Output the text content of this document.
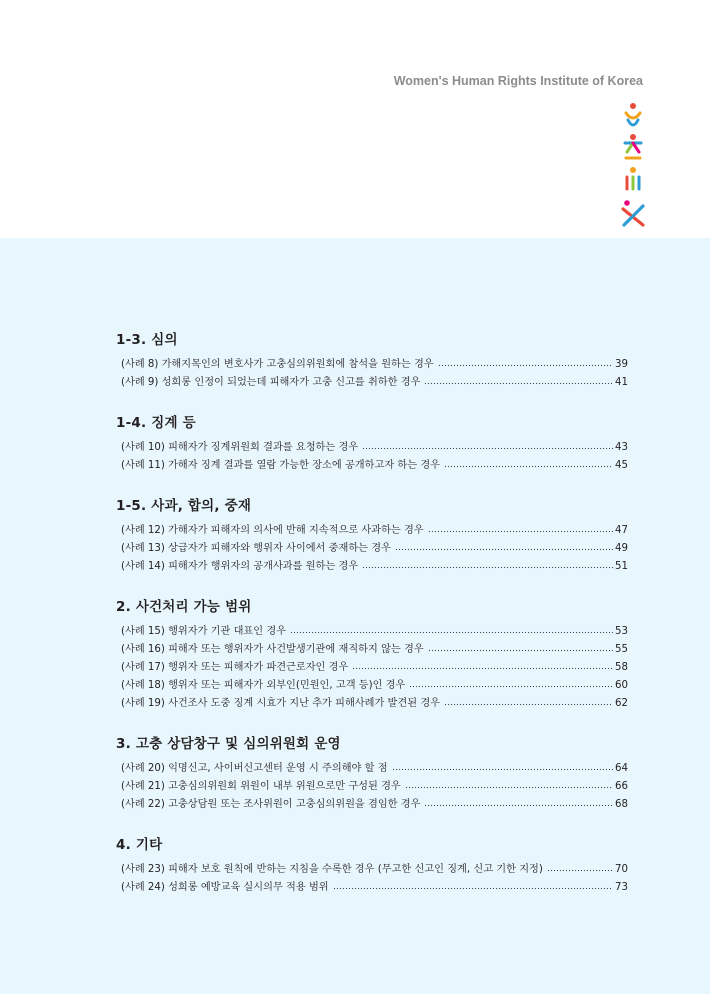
Women's Human Rights Institute of Korea
1-3. 심의
(사례 8) 가해지목인의 변호사가 고충심의위원회에 참석을 원하는 경우	39
(사례 9) 성희롱 인정이 되었는데 피해자가 고충 신고를 취하한 경우	41
1-4. 징계 등
(사례 10) 피해자가 징계위원회 결과를 요청하는 경우	43
(사례 11) 가해자 징계 결과를 열람 가능한 장소에 공개하고자 하는 경우	45
1-5. 사과, 합의, 중재
(사례 12) 가해자가 피해자의 의사에 반해 지속적으로 사과하는 경우	47
(사례 13) 상급자가 피해자와 행위자 사이에서 중재하는 경우	49
(사례 14) 피해자가 행위자의 공개사과를 원하는 경우	51
2. 사건처리 가능 범위
(사례 15) 행위자가 기관 대표인 경우	53
(사례 16) 피해자 또는 행위자가 사건발생기관에 재직하지 않는 경우	55
(사례 17) 행위자 또는 피해자가 파견근로자인 경우	58
(사례 18) 행위자 또는 피해자가 외부인(민원인, 고객 등)인 경우	60
(사례 19) 사건조사 도중 징계 시효가 지난 추가 피해사례가 발견된 경우	62
3. 고충 상담창구 및 심의위원회 운영
(사례 20) 익명신고, 사이버신고센터 운영 시 주의해야 할 점	64
(사례 21) 고충심의위원회 위원이 내부 위원으로만 구성된 경우	66
(사례 22) 고충상담원 또는 조사위원이 고충심의위원을 겸임한 경우	68
4. 기타
(사례 23) 피해자 보호 원칙에 반하는 지침을 수록한 경우 (무고한 신고인 징계, 신고 기한 지정)	70
(사례 24) 성희롱 예방교육 실시의무 적용 범위	73
